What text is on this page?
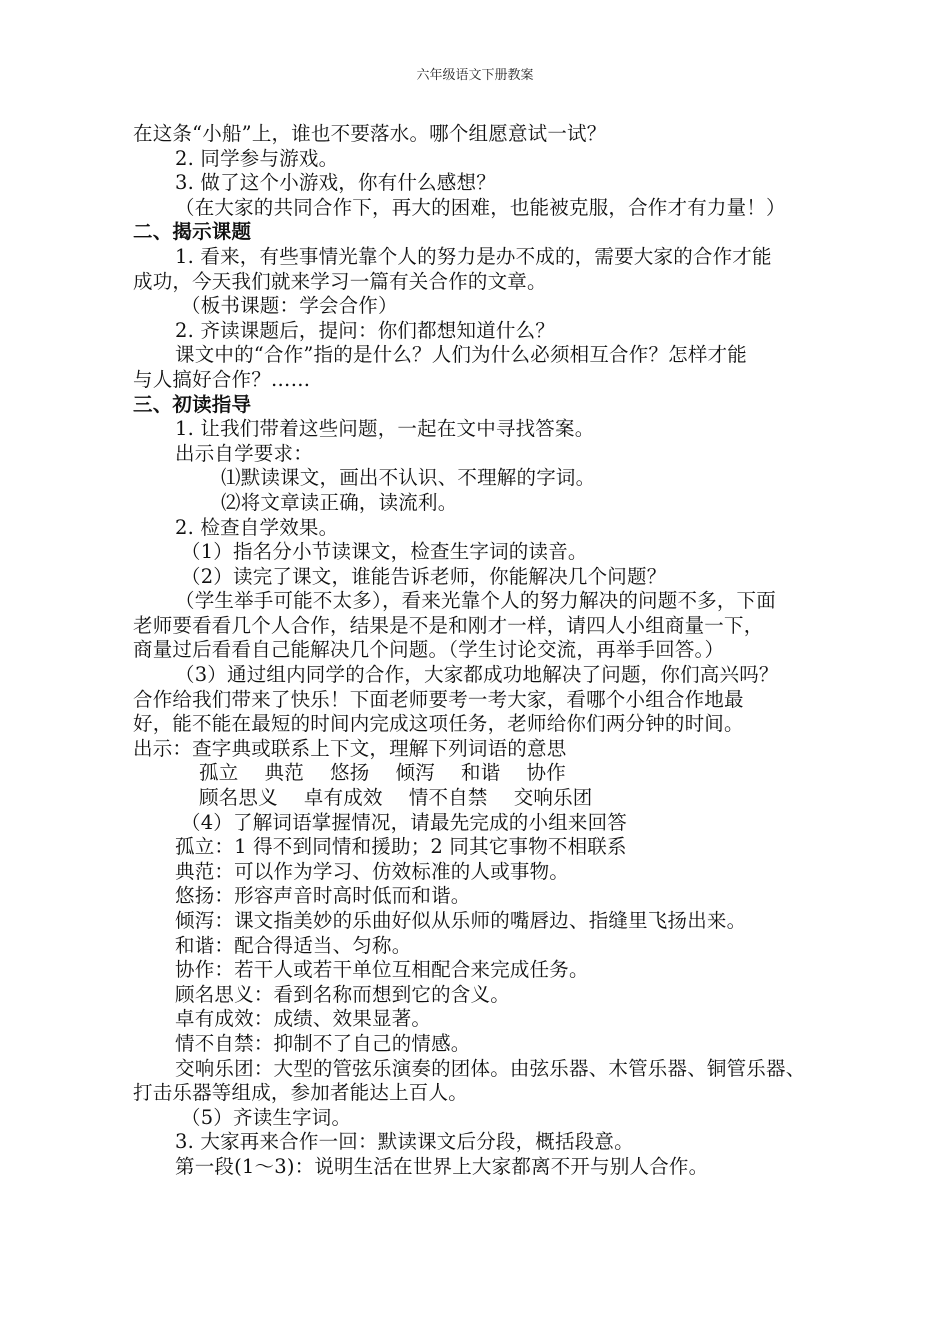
六年级语文下册教案
在这条“小船”上，谁也不要落水。哪个组愿意试一试？
2. 同学参与游戏。
3. 做了这个小游戏，你有什么感想？
（在大家的共同合作下，再大的困难，也能被克服，合作才有力量！）
二、揭示课题
1. 看来，有些事情光靠个人的努力是办不成的，需要大家的合作才能
成功，今天我们就来学习一篇有关合作的文章。
（板书课题：学会合作）
2. 齐读课题后，提问：你们都想知道什么？
课文中的“合作”指的是什么？人们为什么必须相互合作？怎样才能
与人搞好合作？……
三、初读指导
1. 让我们带着这些问题，一起在文中寻找答案。
出示自学要求：
⑴默读课文，画出不认识、不理解的字词。
⑵将文章读正确，读流利。
2. 检查自学效果。
（1）指名分小节读课文，检查生字词的读音。
（2）读完了课文，谁能告诉老师，你能解决几个问题？
（学生举手可能不太多），看来光靠个人的努力解决的问题不多，下面
老师要看看几个人合作，结果是不是和刚才一样，请四人小组商量一下，
商量过后看看自己能解决几个问题。（学生讨论交流，再举手回答。）
（3）通过组内同学的合作，大家都成功地解决了问题，你们高兴吗？
合作给我们带来了快乐！下面老师要考一考大家，看哪个小组合作地最
好，能不能在最短的时间内完成这项任务，老师给你们两分钟的时间。
出示：查字典或联系上下文，理解下列词语的意思
孤立　 典范　 悠扬　 倾泻　 和谐　 协作
顾名思义　 卓有成效　 情不自禁　 交响乐团
（4）了解词语掌握情况，请最先完成的小组来回答
孤立：1 得不到同情和援助；2 同其它事物不相联系
典范：可以作为学习、仿效标准的人或事物。
悠扬：形容声音时高时低而和谐。
倾泻：课文指美妙的乐曲好似从乐师的嘴唇边、指缝里飞扬出来。
和谐：配合得适当、匀称。
协作：若干人或若干单位互相配合来完成任务。
顾名思义：看到名称而想到它的含义。
卓有成效：成绩、效果显著。
情不自禁：抑制不了自己的情感。
交响乐团：大型的管弦乐演奏的团体。由弦乐器、木管乐器、铜管乐器、
打击乐器等组成，参加者能达上百人。
（5）齐读生字词。
3. 大家再来合作一回：默读课文后分段，概括段意。
第一段(1～3)：说明生活在世界上大家都离不开与别人合作。
